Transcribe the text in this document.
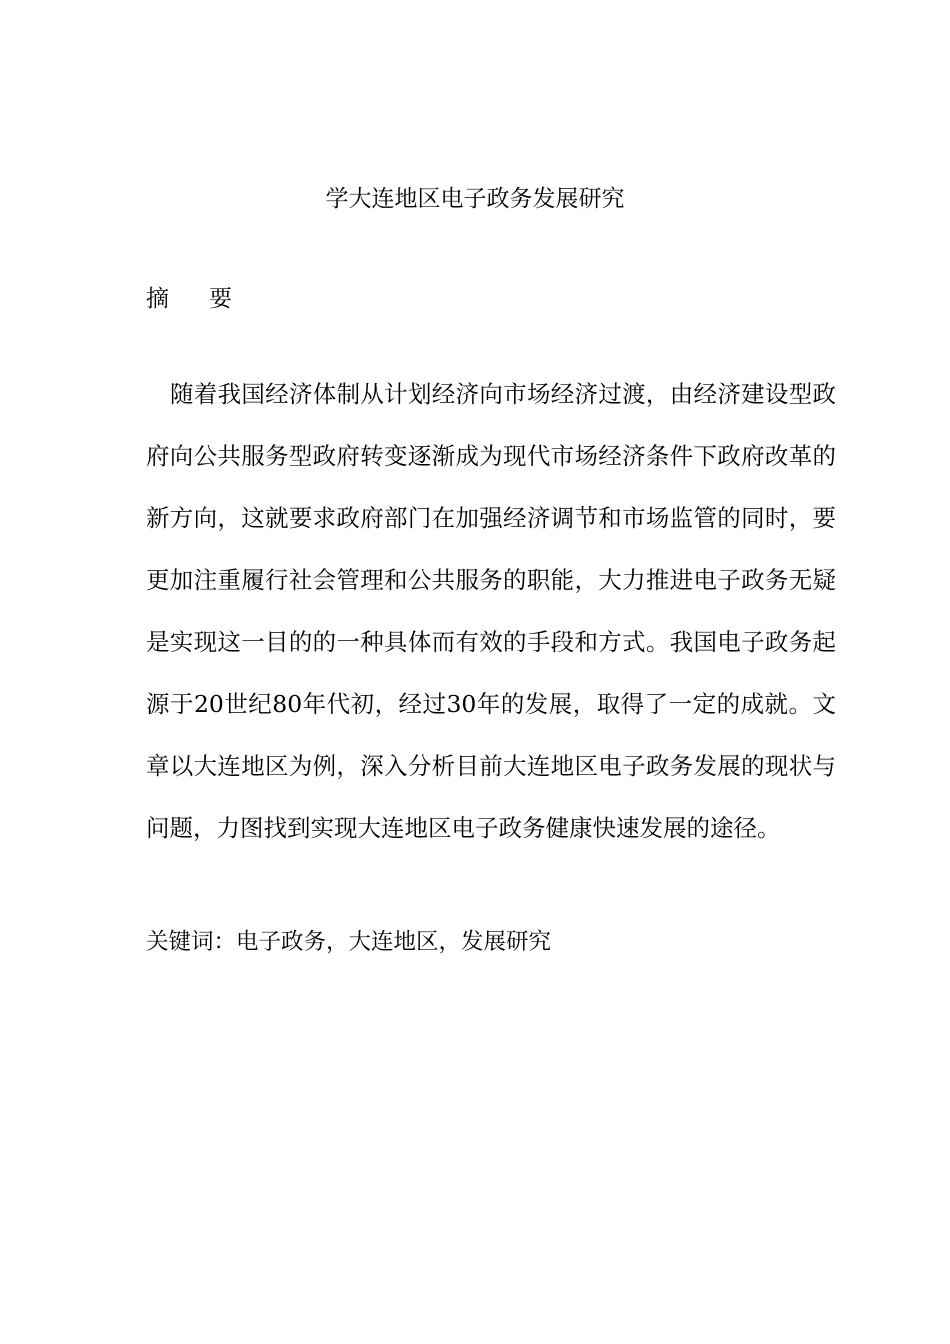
学大连地区电子政务发展研究
摘 要

随着我国经济体制从计划经济向市场经济过渡，由经济建设型政府向公共服务型政府转变逐渐成为现代市场经济条件下政府改革的新方向，这就要求政府部门在加强经济调节和市场监管的同时，要更加注重履行社会管理和公共服务的职能，大力推进电子政务无疑是实现这一目的的一种具体而有效的手段和方式。我国电子政务起源于20世纪80年代初，经过30年的发展，取得了一定的成就。文章以大连地区为例，深入分析目前大连地区电子政务发展的现状与问题，力图找到实现大连地区电子政务健康快速发展的途径。

关键词：电子政务，大连地区，发展研究
